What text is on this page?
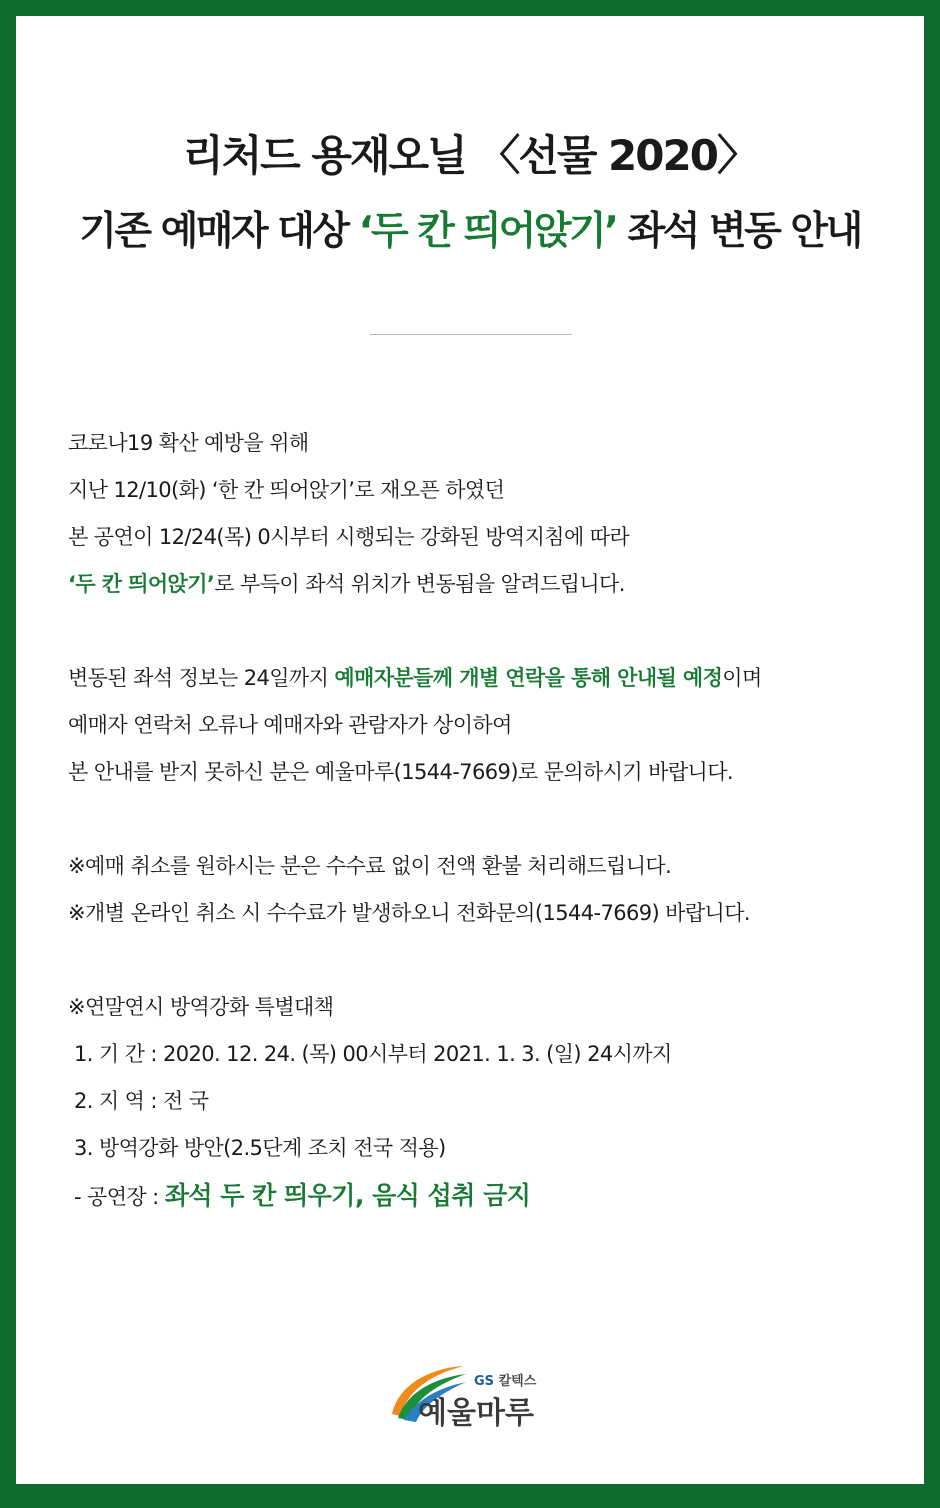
리처드 용재오닐 〈선물 2020〉
기존 예매자 대상 ‘두 칸 띄어앉기’ 좌석 변동 안내
코로나19 확산 예방을 위해
지난 12/10(화) ‘한 칸 띄어앉기’로 재오픈 하였던
본 공연이 12/24(목) 0시부터 시행되는 강화된 방역지침에 따라
‘두 칸 띄어앉기’로 부득이 좌석 위치가 변동됨을 알려드립니다.
변동된 좌석 정보는 24일까지 예매자분들께 개별 연락을 통해 안내될 예정이며
예매자 연락처 오류나 예매자와 관람자가 상이하여
본 안내를 받지 못하신 분은 예울마루(1544-7669)로 문의하시기 바랍니다.
※예매 취소를 원하시는 분은 수수료 없이 전액 환불 처리해드립니다.
※개별 온라인 취소 시 수수료가 발생하오니 전화문의(1544-7669) 바랍니다.
※연말연시 방역강화 특별대책
1. 기 간 : 2020. 12. 24. (목) 00시부터 2021. 1. 3. (일) 24시까지
2. 지 역 : 전 국
3. 방역강화 방안(2.5단계 조치 전국 적용)
- 공연장 : 좌석 두 칸 띄우기, 음식 섭취 금지
GS 칼텍스
예울마루
